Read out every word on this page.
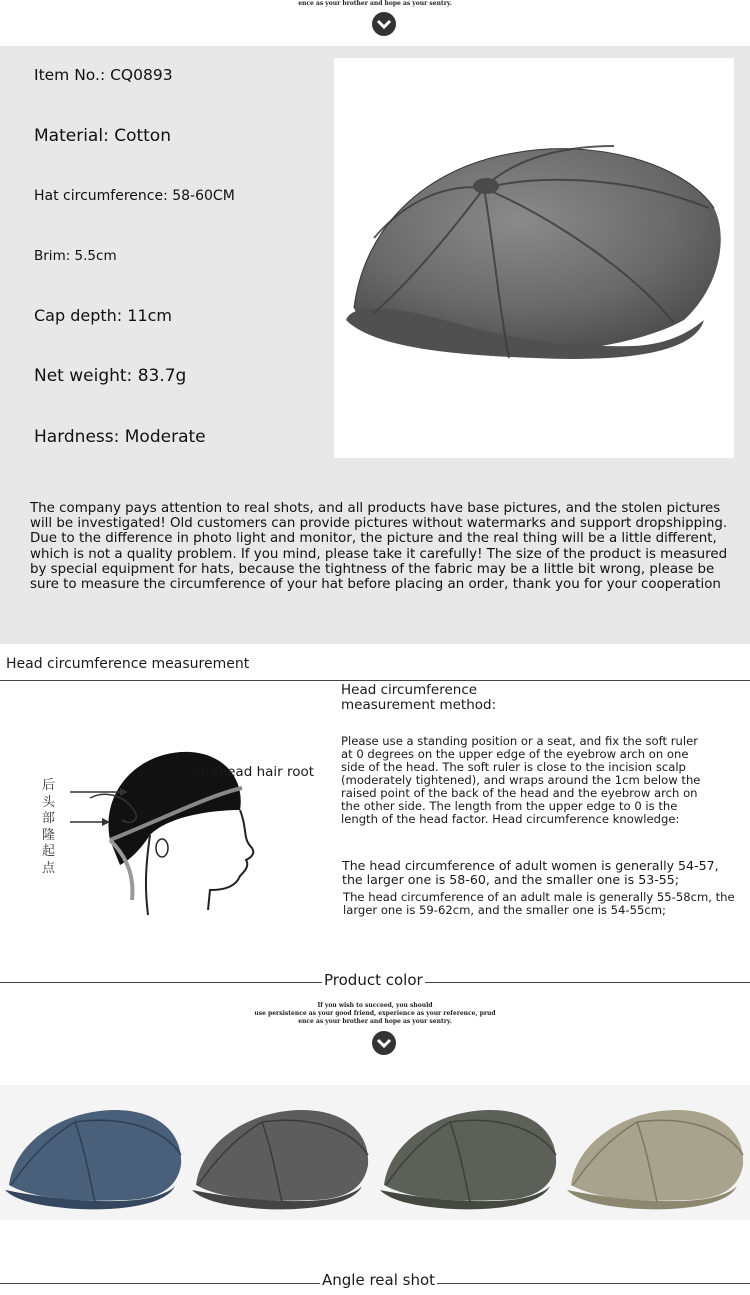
ence as your brother and hope as your sentry.
Item No.: CQ0893
Material: Cotton
Hat circumference: 58-60CM
Brim: 5.5cm
Cap depth: 11cm
Net weight: 83.7g
Hardness: Moderate
The company pays attention to real shots, and all products have base pictures, and the stolen pictures will be investigated! Old customers can provide pictures without watermarks and support dropshipping. Due to the difference in photo light and monitor, the picture and the real thing will be a little different, which is not a quality problem. If you mind, please take it carefully! The size of the product is measured by special equipment for hats, because the tightness of the fabric may be a little bit wrong, please be sure to measure the circumference of your hat before placing an order, thank you for your cooperation
Head circumference measurement
后头部隆起点
forehead hair root
Head circumference measurement method:
Please use a standing position or a seat, and fix the soft ruler at 0 degrees on the upper edge of the eyebrow arch on one side of the head. The soft ruler is close to the incision scalp (moderately tightened), and wraps around the 1cm below the raised point of the back of the head and the eyebrow arch on the other side. The length from the upper edge to 0 is the length of the head factor. Head circumference knowledge:
The head circumference of adult women is generally 54-57, the larger one is 58-60, and the smaller one is 53-55;
The head circumference of an adult male is generally 55-58cm, the larger one is 59-62cm, and the smaller one is 54-55cm;
Product color
If you wish to succeed, you should
use persistence as your good friend, experience as your reference, prud
ence as your brother and hope as your sentry.
Angle real shot
